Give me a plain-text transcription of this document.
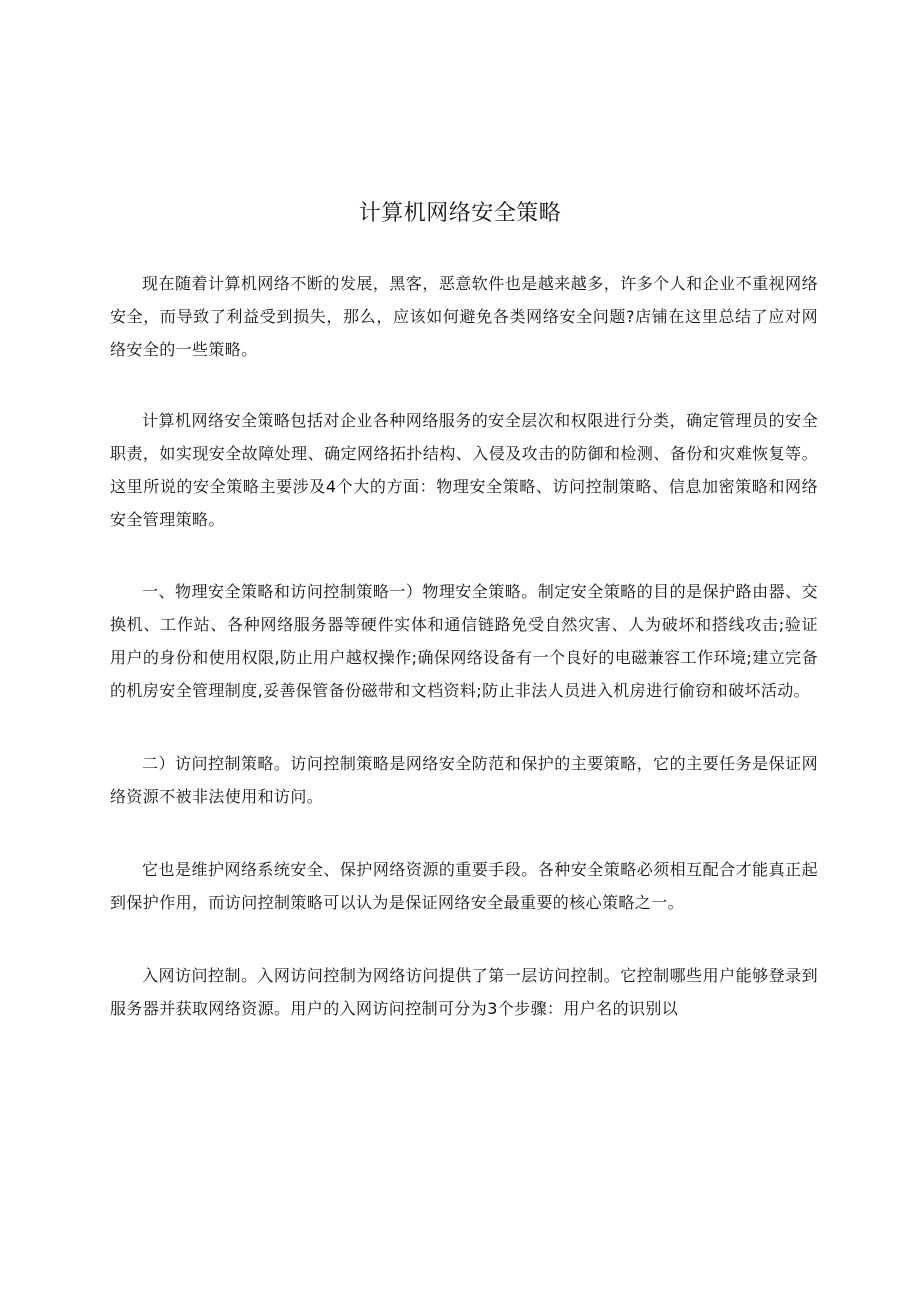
计算机网络安全策略

现在随着计算机网络不断的发展，黑客，恶意软件也是越来越多，许多个人和企业不重视网络安全，而导致了利益受到损失，那么，应该如何避免各类网络安全问题?店铺在这里总结了应对网络安全的一些策略。

计算机网络安全策略包括对企业各种网络服务的安全层次和权限进行分类，确定管理员的安全职责，如实现安全故障处理、确定网络拓扑结构、入侵及攻击的防御和检测、备份和灾难恢复等。这里所说的安全策略主要涉及4个大的方面：物理安全策略、访问控制策略、信息加密策略和网络安全管理策略。

一、物理安全策略和访问控制策略一）物理安全策略。制定安全策略的目的是保护路由器、交换机、工作站、各种网络服务器等硬件实体和通信链路免受自然灾害、人为破坏和搭线攻击;验证用户的身份和使用权限,防止用户越权操作;确保网络设备有一个良好的电磁兼容工作环境;建立完备的机房安全管理制度,妥善保管备份磁带和文档资料;防止非法人员进入机房进行偷窃和破坏活动。

二）访问控制策略。访问控制策略是网络安全防范和保护的主要策略，它的主要任务是保证网络资源不被非法使用和访问。

它也是维护网络系统安全、保护网络资源的重要手段。各种安全策略必须相互配合才能真正起到保护作用，而访问控制策略可以认为是保证网络安全最重要的核心策略之一。

入网访问控制。入网访问控制为网络访问提供了第一层访问控制。它控制哪些用户能够登录到服务器并获取网络资源。用户的入网访问控制可分为3个步骤：用户名的识别以
